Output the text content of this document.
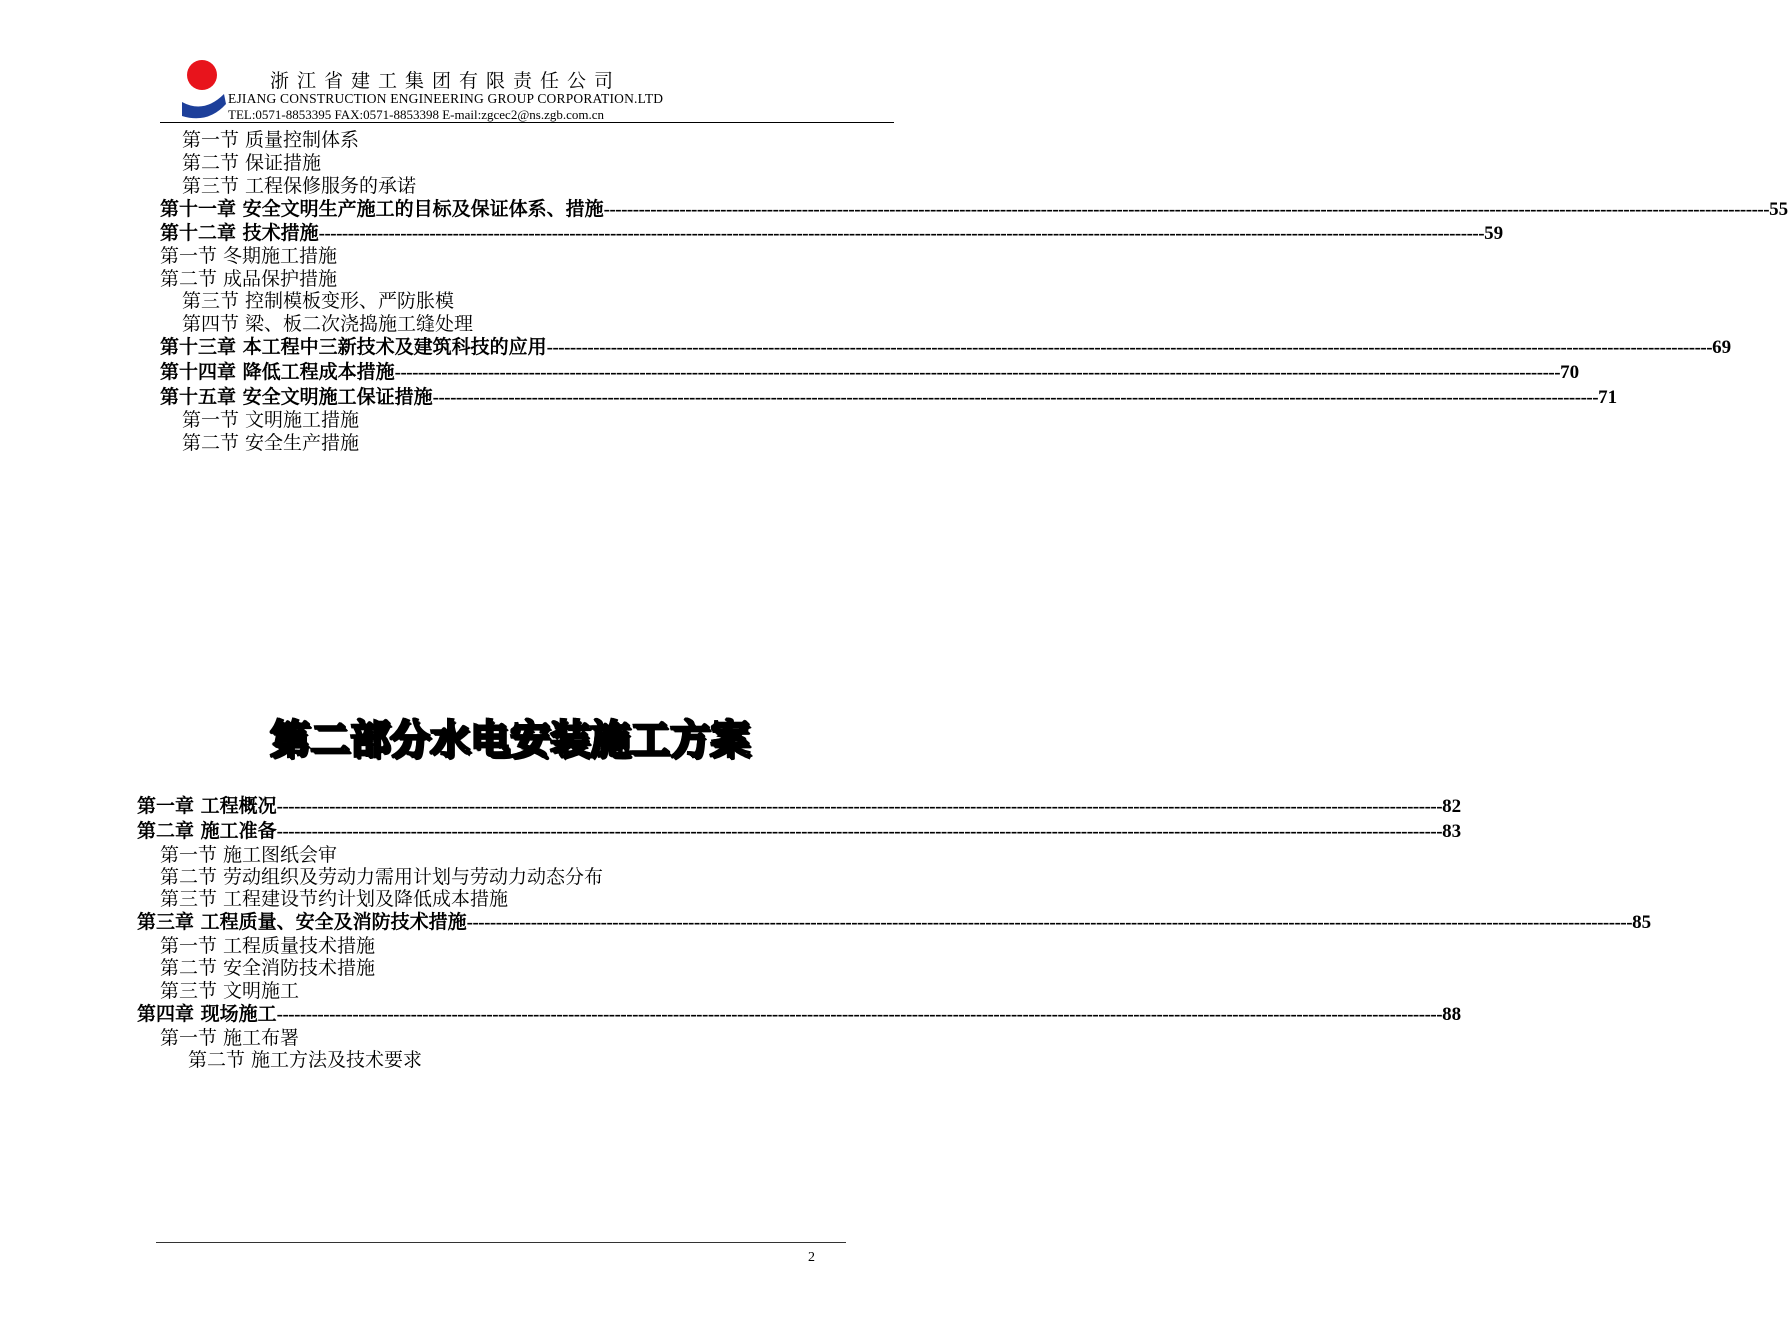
浙江省建工集团有限责任公司
EJIANG CONSTRUCTION ENGINEERING GROUP CORPORATION.LTD
TEL:0571-8853395 FAX:0571-8853398 E-mail:zgcec2@ns.zgb.com.cn
第一节 质量控制体系
第二节 保证措施
第三节 工程保修服务的承诺
第十一章 安全文明生产施工的目标及保证体系、措施 -------------------------------------------------------------------------------------------------------------------------------------------------------------------------------------------------------- 55
第十二章 技术措施 -------------------------------------------------------------------------------------------------------------------------------------------------------------------------------------------------------- 59
第一节 冬期施工措施
第二节 成品保护措施
第三节 控制模板变形、严防胀模
第四节 梁、板二次浇捣施工缝处理
第十三章 本工程中三新技术及建筑科技的应用 -------------------------------------------------------------------------------------------------------------------------------------------------------------------------------------------------------- 69
第十四章 降低工程成本措施 -------------------------------------------------------------------------------------------------------------------------------------------------------------------------------------------------------- 70
第十五章 安全文明施工保证措施 -------------------------------------------------------------------------------------------------------------------------------------------------------------------------------------------------------- 71
第一节 文明施工措施
第二节 安全生产措施
第二部分水电安装施工方案
第一章 工程概况 -------------------------------------------------------------------------------------------------------------------------------------------------------------------------------------------------------- 82
第二章 施工准备 -------------------------------------------------------------------------------------------------------------------------------------------------------------------------------------------------------- 83
第一节 施工图纸会审
第二节 劳动组织及劳动力需用计划与劳动力动态分布
第三节 工程建设节约计划及降低成本措施
第三章 工程质量、安全及消防技术措施 -------------------------------------------------------------------------------------------------------------------------------------------------------------------------------------------------------- 85
第一节 工程质量技术措施
第二节 安全消防技术措施
第三节 文明施工
第四章 现场施工 -------------------------------------------------------------------------------------------------------------------------------------------------------------------------------------------------------- 88
第一节 施工布署
第二节 施工方法及技术要求
2
